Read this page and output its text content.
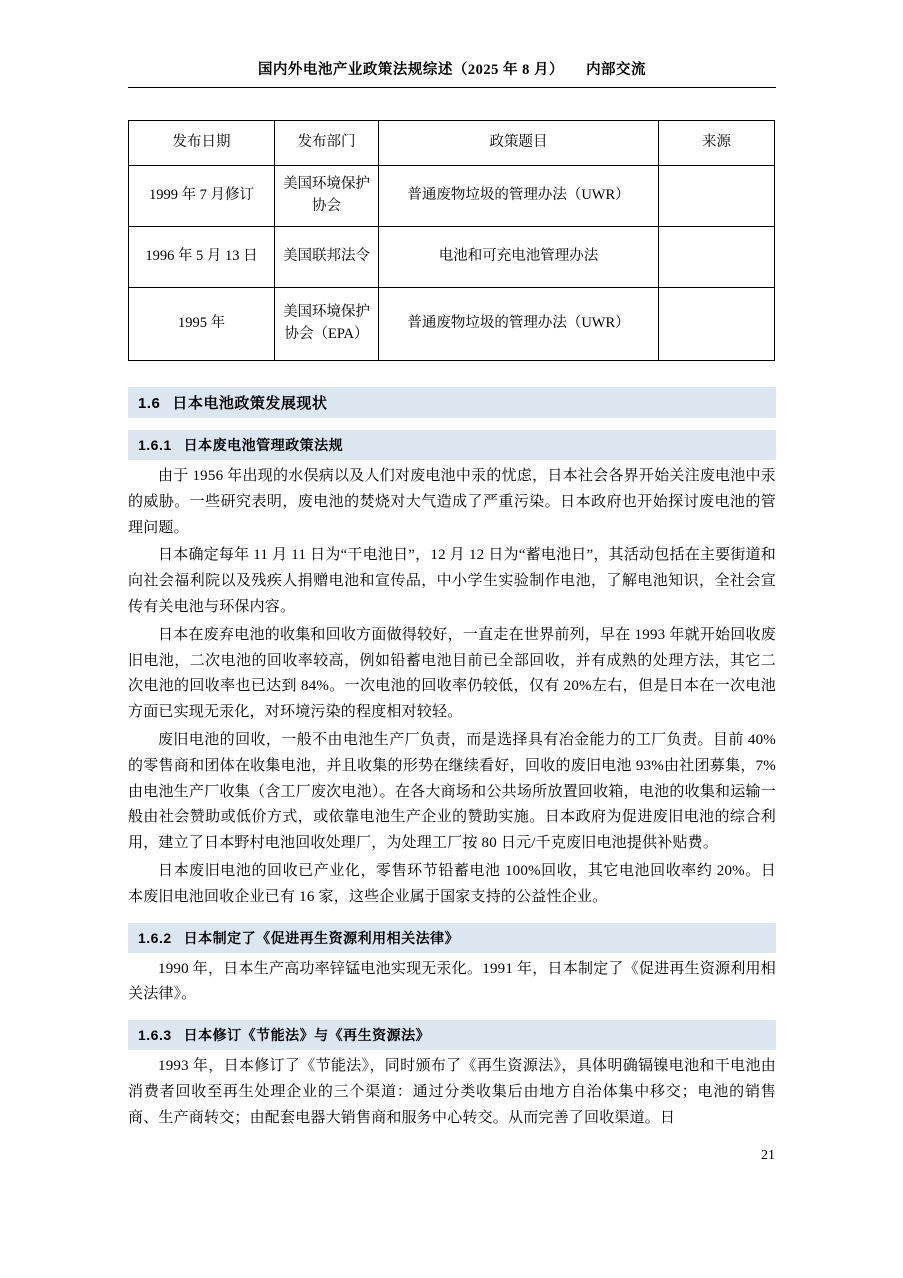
国内外电池产业政策法规综述（2025 年 8 月） 内部交流
发布日期	发布部门	政策题目	来源
1999 年 7 月修订	美国环境保护协会	普通废物垃圾的管理办法（UWR）	
1996 年 5 月 13 日	美国联邦法令	电池和可充电池管理办法	
1995 年	美国环境保护协会（EPA）	普通废物垃圾的管理办法（UWR）	
1.6 日本电池政策发展现状
1.6.1 日本废电池管理政策法规

由于 1956 年出现的水俣病以及人们对废电池中汞的忧虑，日本社会各界开始关注废电池中汞的威胁。一些研究表明，废电池的焚烧对大气造成了严重污染。日本政府也开始探讨废电池的管理问题。

日本确定每年 11 月 11 日为“干电池日”，12 月 12 日为“蓄电池日”，其活动包括在主要街道和向社会福利院以及残疾人捐赠电池和宣传品，中小学生实验制作电池，了解电池知识，全社会宣传有关电池与环保内容。

日本在废弃电池的收集和回收方面做得较好，一直走在世界前列，早在 1993 年就开始回收废旧电池，二次电池的回收率较高，例如铅蓄电池目前已全部回收，并有成熟的处理方法，其它二次电池的回收率也已达到 84%。一次电池的回收率仍较低，仅有 20%左右，但是日本在一次电池方面已实现无汞化，对环境污染的程度相对较轻。

废旧电池的回收，一般不由电池生产厂负责，而是选择具有冶金能力的工厂负责。目前 40%的零售商和团体在收集电池，并且收集的形势在继续看好，回收的废旧电池 93%由社团募集，7%由电池生产厂收集（含工厂废次电池）。在各大商场和公共场所放置回收箱，电池的收集和运输一般由社会赞助或低价方式，或依靠电池生产企业的赞助实施。日本政府为促进废旧电池的综合利用，建立了日本野村电池回收处理厂，为处理工厂按 80 日元/千克废旧电池提供补贴费。

日本废旧电池的回收已产业化，零售环节铅蓄电池 100%回收，其它电池回收率约 20%。日本废旧电池回收企业已有 16 家，这些企业属于国家支持的公益性企业。

1.6.2 日本制定了《促进再生资源利用相关法律》

1990 年，日本生产高功率锌锰电池实现无汞化。1991 年，日本制定了《促进再生资源利用相关法律》。

1.6.3 日本修订《节能法》与《再生资源法》

1993 年，日本修订了《节能法》，同时颁布了《再生资源法》，具体明确镉镍电池和干电池由消费者回收至再生处理企业的三个渠道：通过分类收集后由地方自治体集中移交；电池的销售商、生产商转交；由配套电器大销售商和服务中心转交。从而完善了回收渠道。日

21
